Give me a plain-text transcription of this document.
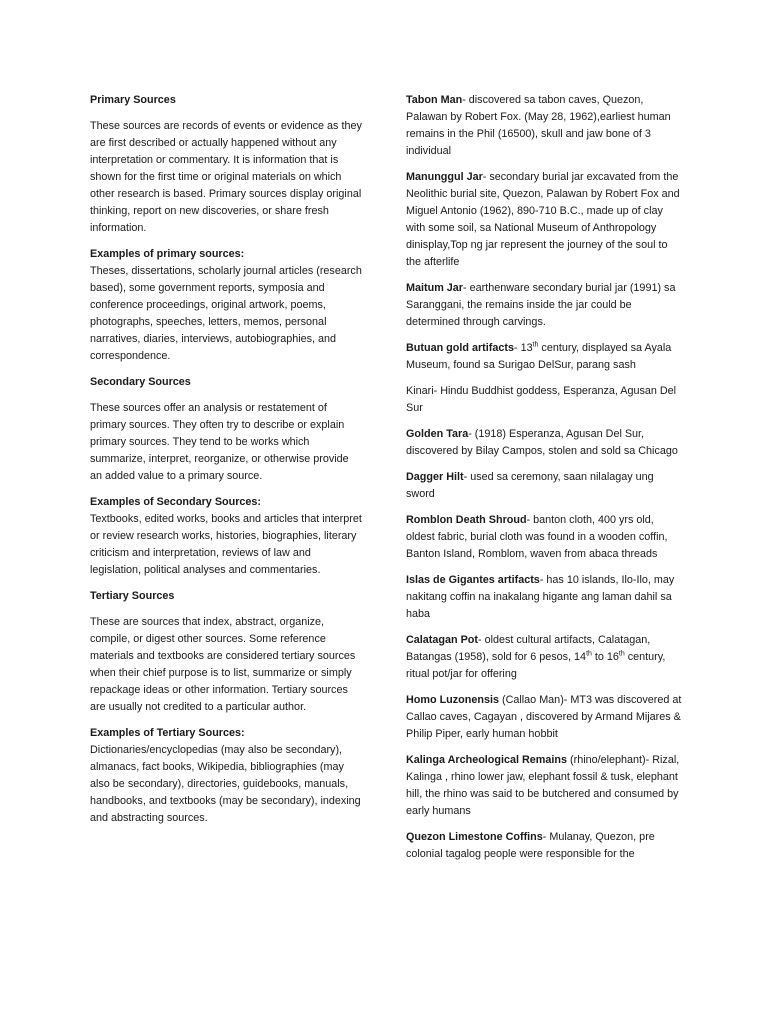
Primary Sources

These sources are records of events or evidence as they are first described or actually happened without any interpretation or commentary. It is information that is shown for the first time or original materials on which other research is based. Primary sources display original thinking, report on new discoveries, or share fresh information.

Examples of primary sources:
Theses, dissertations, scholarly journal articles (research based), some government reports, symposia and conference proceedings, original artwork, poems, photographs, speeches, letters, memos, personal narratives, diaries, interviews, autobiographies, and correspondence.

Secondary Sources

These sources offer an analysis or restatement of primary sources. They often try to describe or explain primary sources. They tend to be works which summarize, interpret, reorganize, or otherwise provide an added value to a primary source.

Examples of Secondary Sources:
Textbooks, edited works, books and articles that interpret or review research works, histories, biographies, literary criticism and interpretation, reviews of law and legislation, political analyses and commentaries.

Tertiary Sources

These are sources that index, abstract, organize, compile, or digest other sources. Some reference materials and textbooks are considered tertiary sources when their chief purpose is to list, summarize or simply repackage ideas or other information. Tertiary sources are usually not credited to a particular author.

Examples of Tertiary Sources:
Dictionaries/encyclopedias (may also be secondary), almanacs, fact books, Wikipedia, bibliographies (may also be secondary), directories, guidebooks, manuals, handbooks, and textbooks (may be secondary), indexing and abstracting sources.

Tabon Man- discovered sa tabon caves, Quezon, Palawan by Robert Fox. (May 28, 1962),earliest human remains in the Phil (16500), skull and jaw bone of 3 individual

Manunggul Jar- secondary burial jar excavated from the Neolithic burial site, Quezon, Palawan by Robert Fox and Miguel Antonio (1962), 890-710 B.C., made up of clay with some soil, sa National Museum of Anthropology dinisplay,Top ng jar represent the journey of the soul to the afterlife

Maitum Jar- earthenware secondary burial jar (1991) sa Saranggani, the remains inside the jar could be determined through carvings.

Butuan gold artifacts- 13th century, displayed sa Ayala Museum, found sa Surigao DelSur, parang sash

Kinari- Hindu Buddhist goddess, Esperanza, Agusan Del Sur

Golden Tara- (1918) Esperanza, Agusan Del Sur, discovered by Bilay Campos, stolen and sold sa Chicago

Dagger Hilt- used sa ceremony, saan nilalagay ung sword

Romblon Death Shroud- banton cloth, 400 yrs old, oldest fabric, burial cloth was found in a wooden coffin, Banton Island, Romblom, waven from abaca threads

Islas de Gigantes artifacts- has 10 islands, Ilo-Ilo, may nakitang coffin na inakalang higante ang laman dahil sa haba

Calatagan Pot- oldest cultural artifacts, Calatagan, Batangas (1958), sold for 6 pesos, 14th to 16th century, ritual pot/jar for offering

Homo Luzonensis (Callao Man)- MT3 was discovered at Callao caves, Cagayan , discovered by Armand Mijares & Philip Piper, early human hobbit

Kalinga Archeological Remains (rhino/elephant)- Rizal, Kalinga , rhino lower jaw, elephant fossil & tusk, elephant hill, the rhino was said to be butchered and consumed by early humans

Quezon Limestone Coffins- Mulanay, Quezon, pre colonial tagalog people were responsible for the
